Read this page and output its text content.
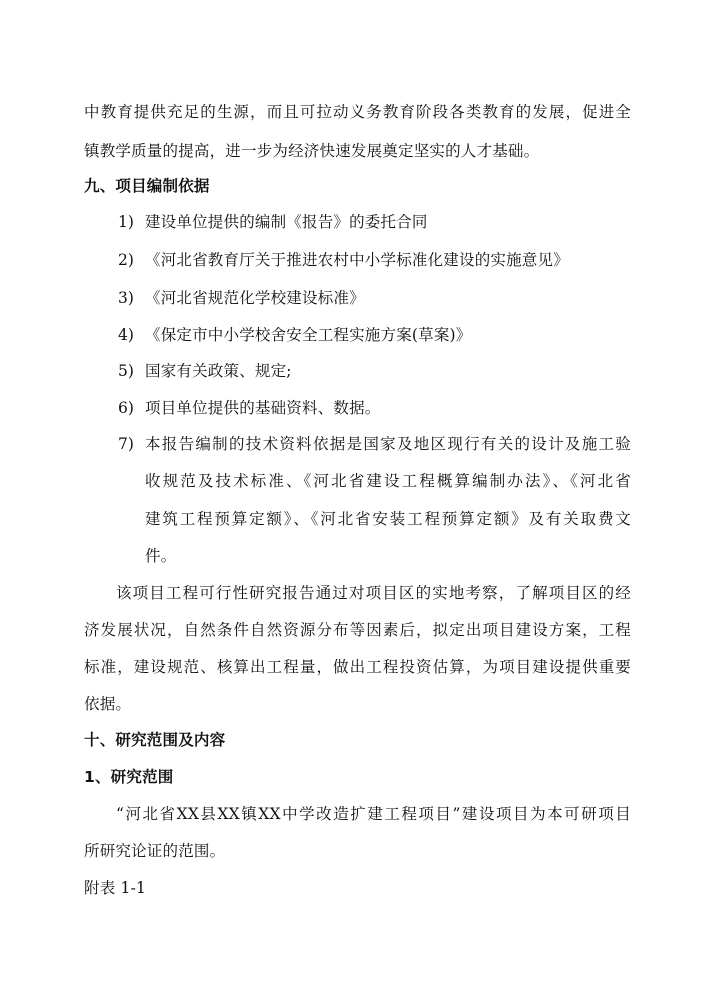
中教育提供充足的生源，而且可拉动义务教育阶段各类教育的发展，促进全
镇教学质量的提高，进一步为经济快速发展奠定坚实的人才基础。
九、项目编制依据
1) 建设单位提供的编制《报告》的委托合同
2) 《河北省教育厅关于推进农村中小学标准化建设的实施意见》
3) 《河北省规范化学校建设标准》
4) 《保定市中小学校舍安全工程实施方案(草案)》
5) 国家有关政策、规定;
6) 项目单位提供的基础资料、数据。
7) 本报告编制的技术资料依据是国家及地区现行有关的设计及施工验
收规范及技术标准、《河北省建设工程概算编制办法》、《河北省
建筑工程预算定额》、《河北省安装工程预算定额》及有关取费文
件。
该项目工程可行性研究报告通过对项目区的实地考察，了解项目区的经
济发展状况，自然条件自然资源分布等因素后，拟定出项目建设方案，工程
标准，建设规范、核算出工程量，做出工程投资估算，为项目建设提供重要
依据。
十、研究范围及内容
1、研究范围
“河北省XX县XX镇XX中学改造扩建工程项目”建设项目为本可研项目
所研究论证的范围。
附表 1-1
